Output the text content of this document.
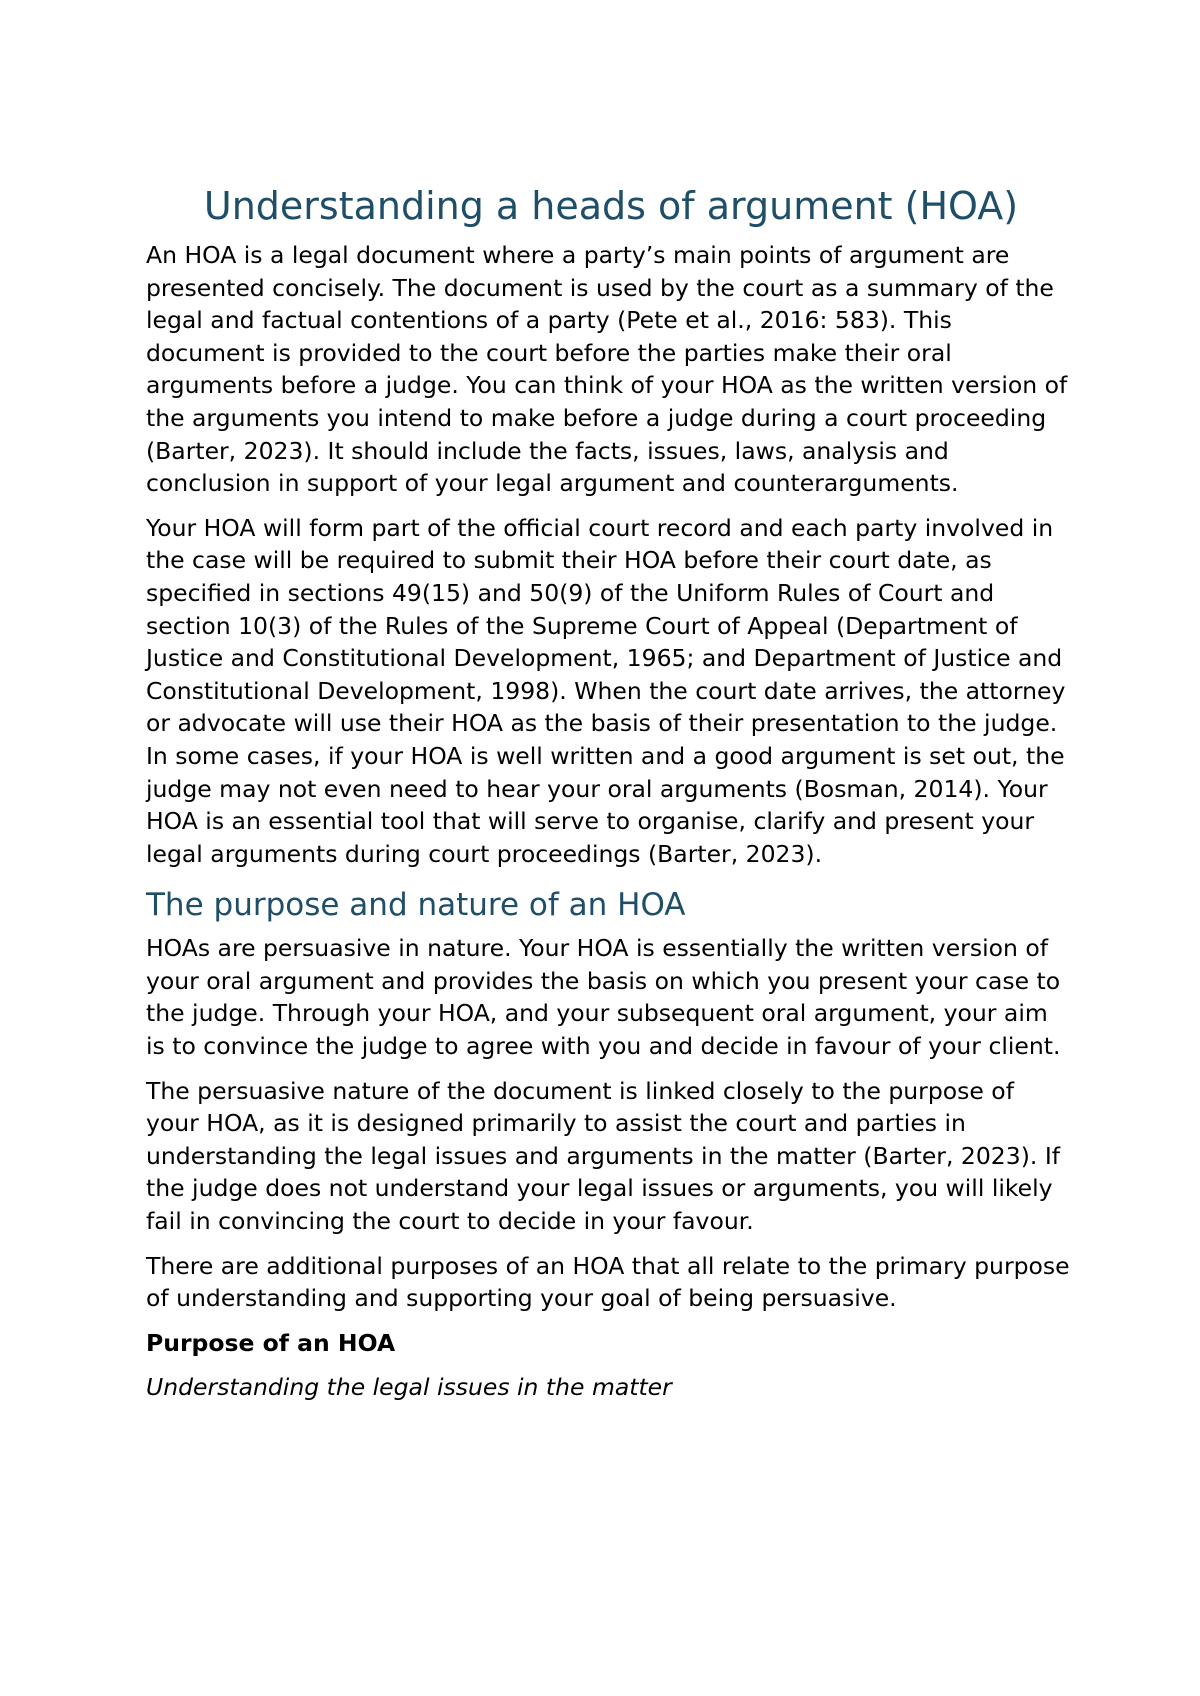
Understanding a heads of argument (HOA)

An HOA is a legal document where a party’s main points of argument are presented concisely. The document is used by the court as a summary of the legal and factual contentions of a party (Pete et al., 2016: 583). This document is provided to the court before the parties make their oral arguments before a judge. You can think of your HOA as the written version of the arguments you intend to make before a judge during a court proceeding (Barter, 2023). It should include the facts, issues, laws, analysis and conclusion in support of your legal argument and counterarguments.

Your HOA will form part of the official court record and each party involved in the case will be required to submit their HOA before their court date, as specified in sections 49(15) and 50(9) of the Uniform Rules of Court and section 10(3) of the Rules of the Supreme Court of Appeal (Department of Justice and Constitutional Development, 1965; and Department of Justice and Constitutional Development, 1998). When the court date arrives, the attorney or advocate will use their HOA as the basis of their presentation to the judge. In some cases, if your HOA is well written and a good argument is set out, the judge may not even need to hear your oral arguments (Bosman, 2014). Your HOA is an essential tool that will serve to organise, clarify and present your legal arguments during court proceedings (Barter, 2023).

The purpose and nature of an HOA

HOAs are persuasive in nature. Your HOA is essentially the written version of your oral argument and provides the basis on which you present your case to the judge. Through your HOA, and your subsequent oral argument, your aim is to convince the judge to agree with you and decide in favour of your client.

The persuasive nature of the document is linked closely to the purpose of your HOA, as it is designed primarily to assist the court and parties in understanding the legal issues and arguments in the matter (Barter, 2023). If the judge does not understand your legal issues or arguments, you will likely fail in convincing the court to decide in your favour.

There are additional purposes of an HOA that all relate to the primary purpose of understanding and supporting your goal of being persuasive.

Purpose of an HOA

Understanding the legal issues in the matter
